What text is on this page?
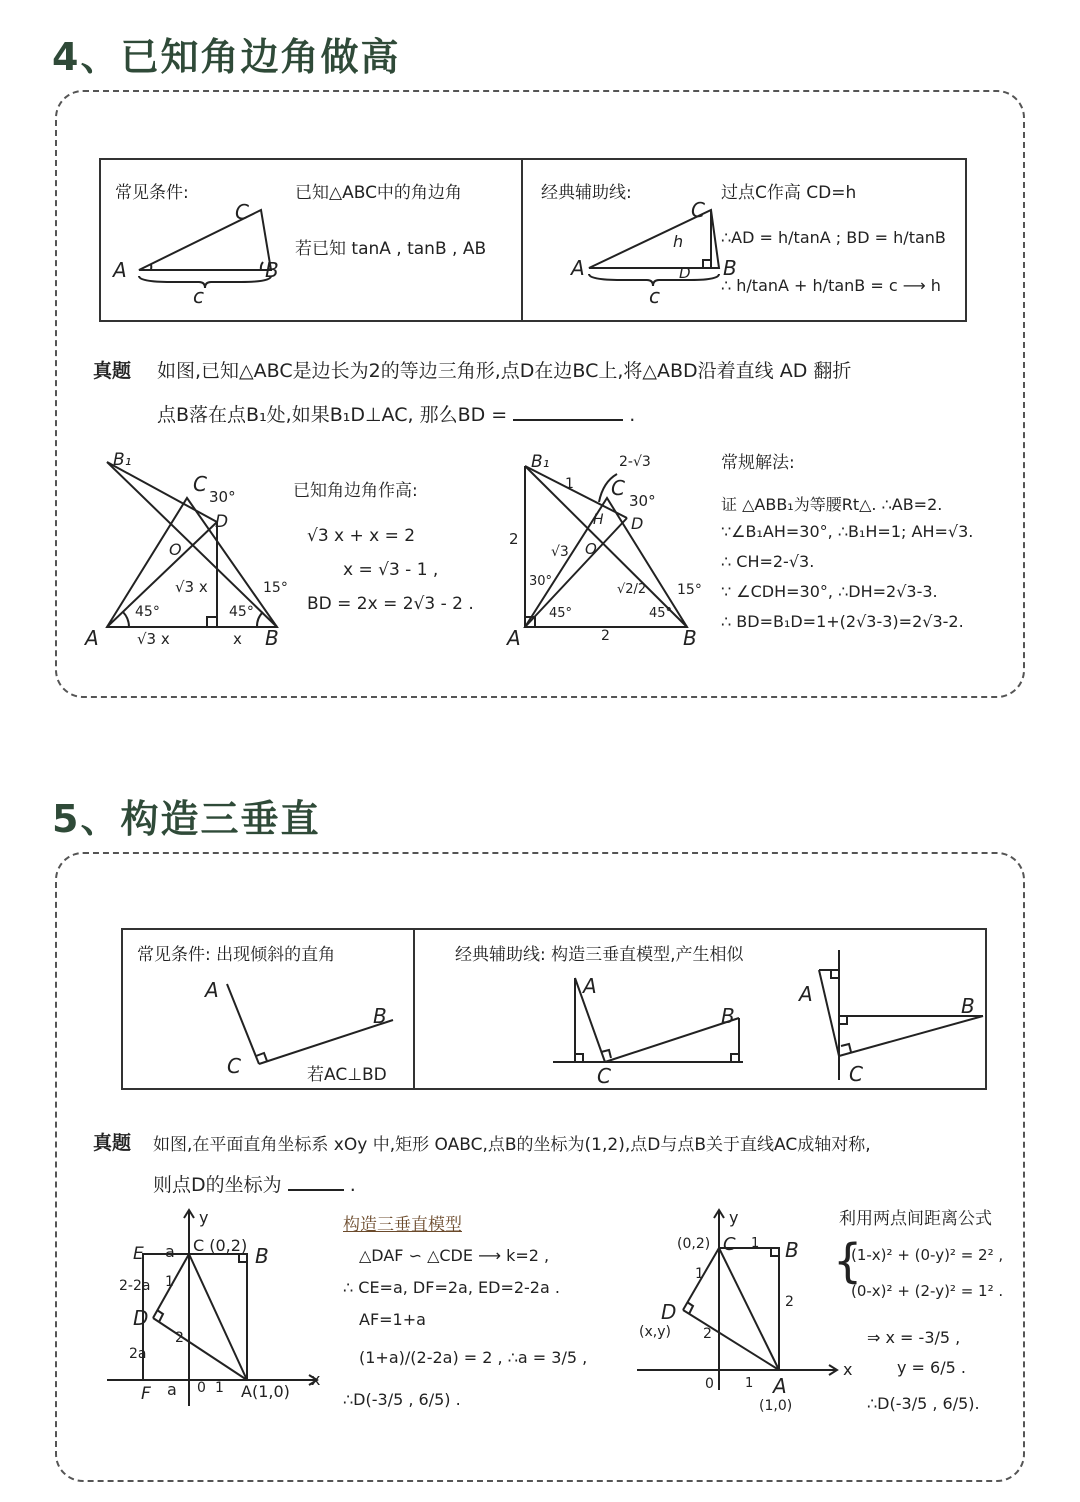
4、已知角边角做高
常见条件:	已知△ABC中的角边角
若已知 tanA , tanB , AB
A	B
C
c
经典辅助线:	过点C作高 CD=h
∴AD = h/tanA ; BD = h/tanB
∴ h/tanA + h/tanB = c ⟶ h
A	B
C
D
h
c
真题 如图,已知△ABC是边长为2的等边三角形,点D在边BC上,将△ABD沿着直线 AD 翻折
点B落在点B₁处,如果B₁D⊥AC, 那么BD =	.
B₁
C
D
O
A	B
30°
45°	45°
15°
√3 x
√3 x	x
已知角边角作高:
√3 x + x = 2
x = √3 - 1 ,
BD = 2x = 2√3 - 2 .
B₁	2-√3
C
30°
D
H
O
1
2
√3
30°
√2/2
45°	45°
15°
A	B
2
常规解法:
证 △ABB₁为等腰Rt△. ∴AB=2.
∵∠B₁AH=30°, ∴B₁H=1; AH=√3.
∴ CH=2-√3.
∵ ∠CDH=30°, ∴DH=2√3-3.
∴ BD=B₁D=1+(2√3-3)=2√3-2.
5、构造三垂直
常见条件: 出现倾斜的直角
A
B
C	若AC⊥BD
经典辅助线: 构造三垂直模型,产生相似
A
B
C
A	B
C
真题 如图,在平面直角坐标系 xOy 中,矩形 OABC,点B的坐标为(1,2),点D与点B关于直线AC成轴对称,
则点D的坐标为	.
y
x
E a C (0,2) B
2-2a 1
D
2
2a
F a 0 1 A(1,0)
构造三垂直模型
△DAF ∽ △CDE ⟶ k=2 ,
∴ CE=a, DF=2a, ED=2-2a .
AF=1+a
(1+a)/(2-2a) = 2 , ∴a = 3/5 ,
∴D(-3/5 , 6/5) .
y
x
(0,2) C 1 B
1
2
D
(x,y) 2
0 1 A
(1,0)
利用两点间距离公式
{
(1-x)² + (0-y)² = 2² ,
(0-x)² + (2-y)² = 1² .
⇒ x = -3/5 ,
y = 6/5 .
∴D(-3/5 , 6/5).
